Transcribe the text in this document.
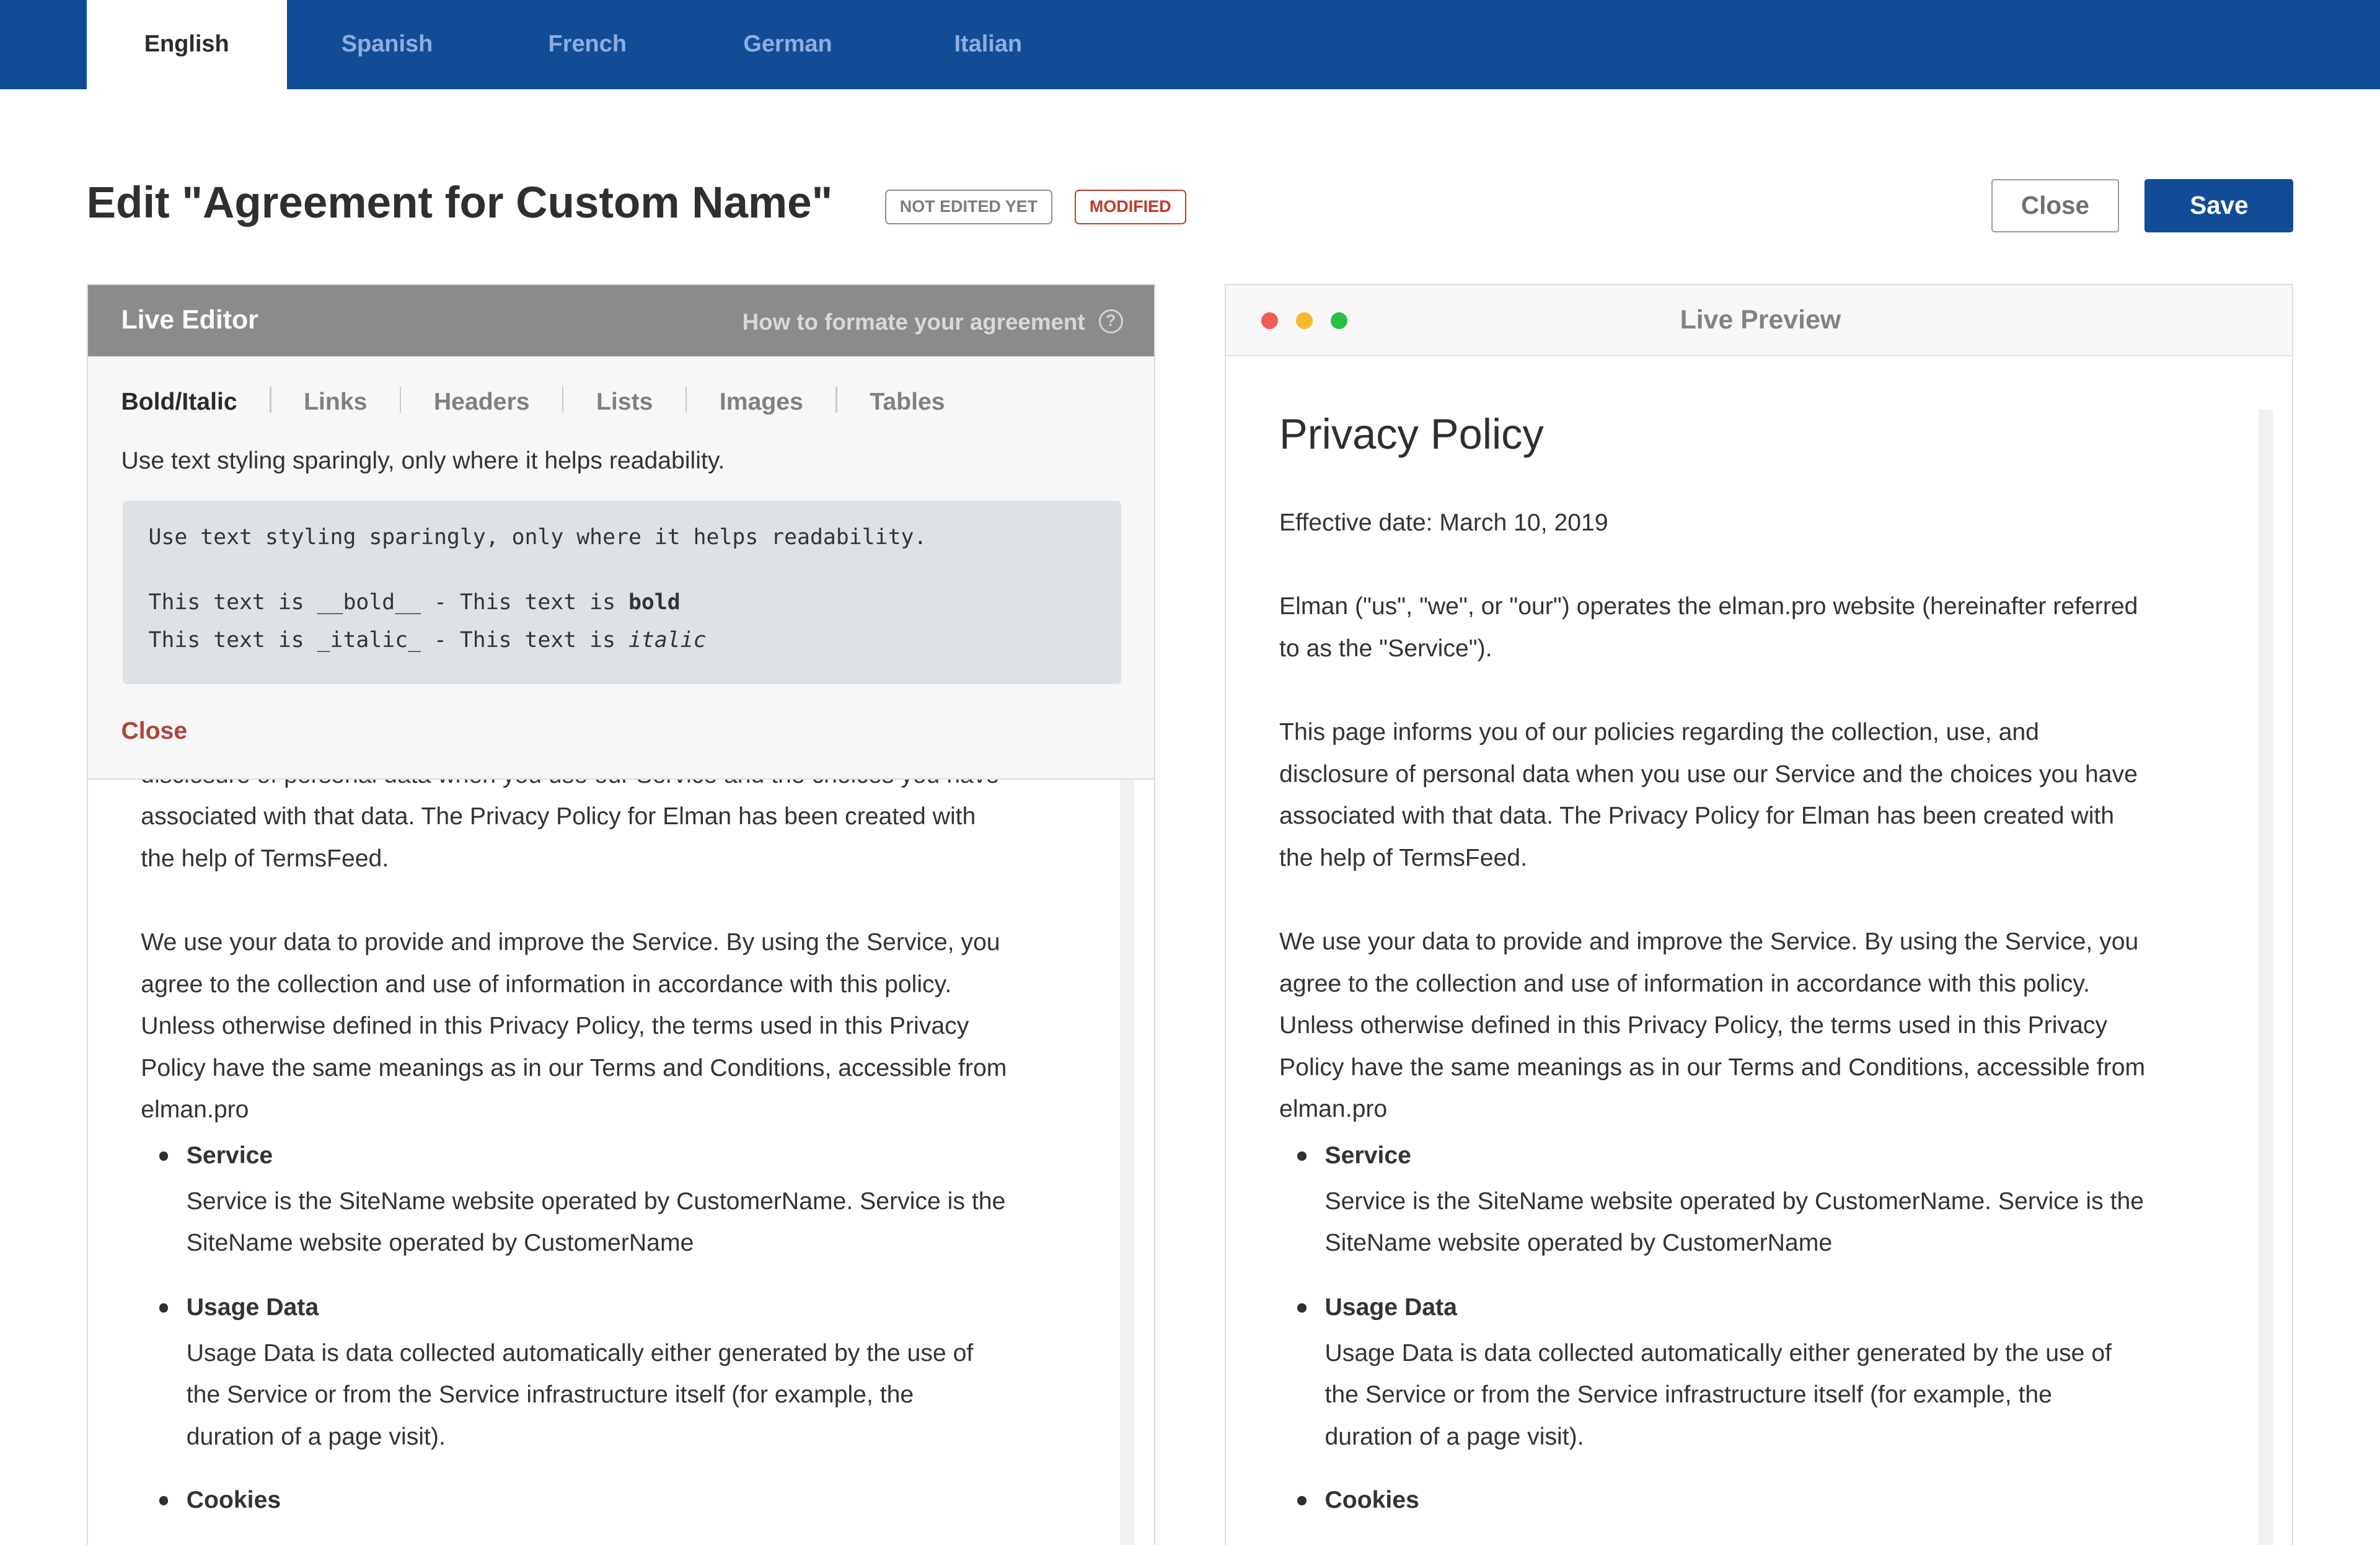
English	Spanish	French	German	Italian
Edit "Agreement for Custom Name"	NOT EDITED YET	MODIFIED	Close	Save
Live Editor	How to formate your agreement	?
Bold/Italic	Links	Headers	Lists	Images	Tables
Use text styling sparingly, only where it helps readability.
Use text styling sparingly, only where it helps readability.
This text is __bold__ - This text is bold
This text is _italic_ - This text is italic
Close

associated with that data. The Privacy Policy for Elman has been created with

the help of TermsFeed.

We use your data to provide and improve the Service. By using the Service, you

agree to the collection and use of information in accordance with this policy.

Unless otherwise defined in this Privacy Policy, the terms used in this Privacy

Policy have the same meanings as in our Terms and Conditions, accessible from

elman.pro

Service
Service is the SiteName website operated by CustomerName. Service is the
SiteName website operated by CustomerName
Usage Data
Usage Data is data collected automatically either generated by the use of
the Service or from the Service infrastructure itself (for example, the
duration of a page visit).
Cookies
Live Preview
Privacy Policy

Effective date: March 10, 2019

Elman ("us", "we", or "our") operates the elman.pro website (hereinafter referred

to as the "Service").

This page informs you of our policies regarding the collection, use, and

disclosure of personal data when you use our Service and the choices you have

associated with that data. The Privacy Policy for Elman has been created with

the help of TermsFeed.

We use your data to provide and improve the Service. By using the Service, you

agree to the collection and use of information in accordance with this policy.

Unless otherwise defined in this Privacy Policy, the terms used in this Privacy

Policy have the same meanings as in our Terms and Conditions, accessible from

elman.pro

Service
Service is the SiteName website operated by CustomerName. Service is the
SiteName website operated by CustomerName
Usage Data
Usage Data is data collected automatically either generated by the use of
the Service or from the Service infrastructure itself (for example, the
duration of a page visit).
Cookies
